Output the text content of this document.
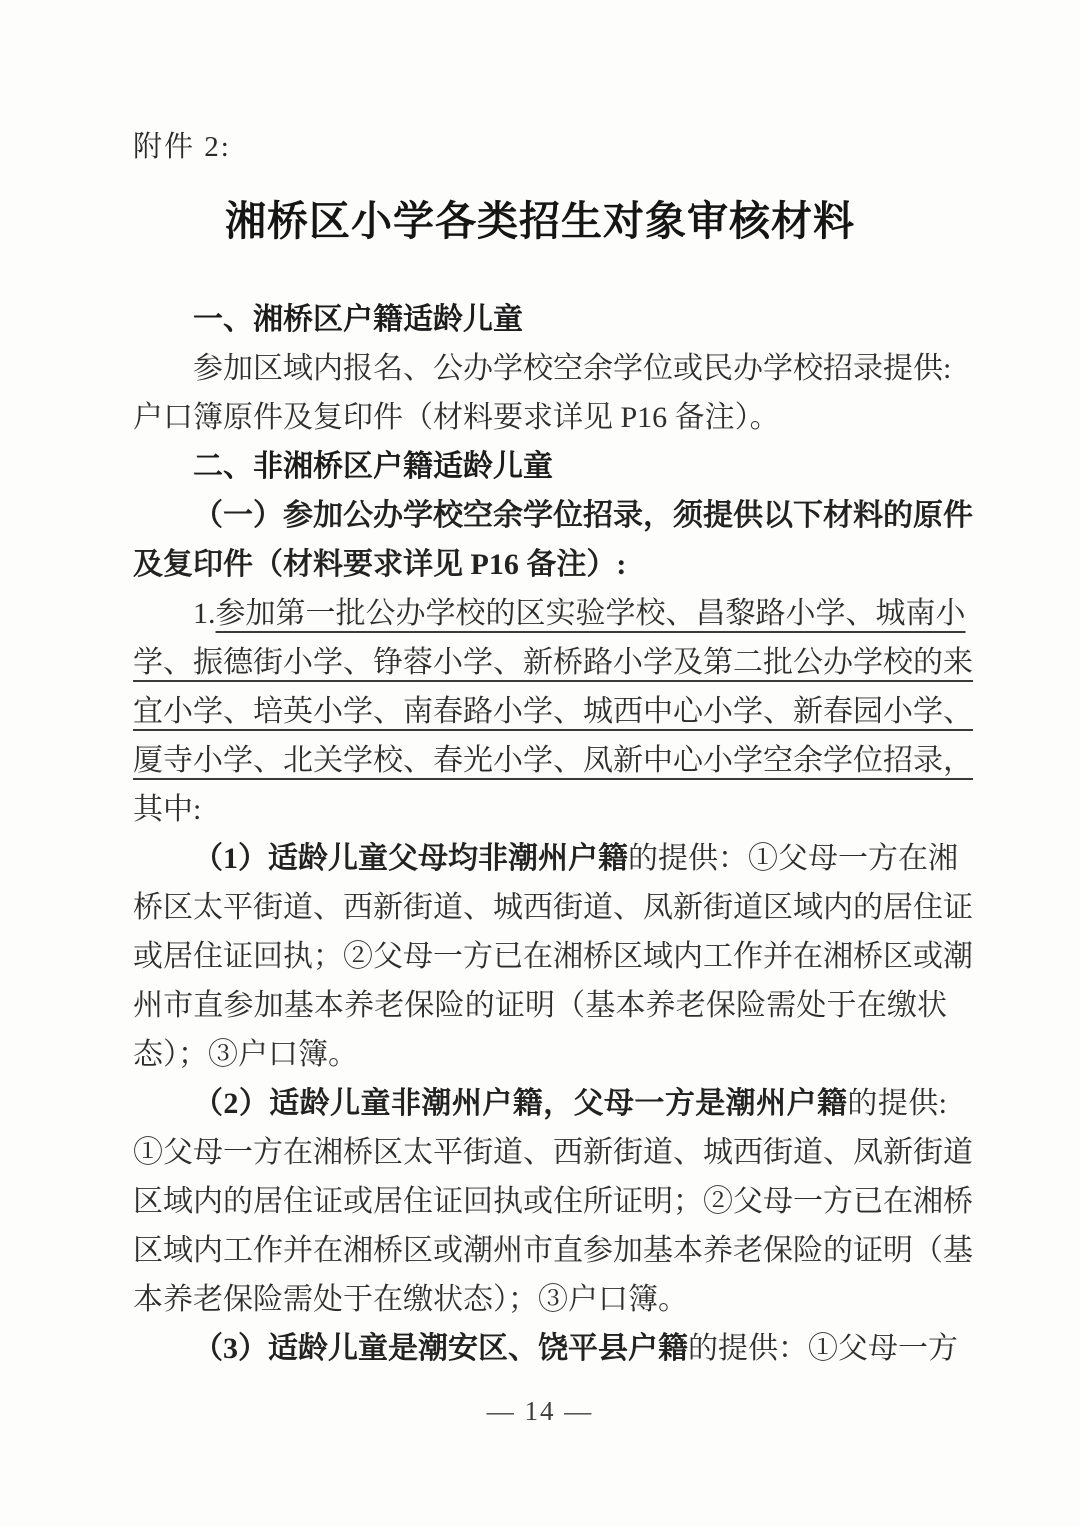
附件 2:
湘桥区小学各类招生对象审核材料
一、湘桥区户籍适龄儿童
参加区域内报名、公办学校空余学位或民办学校招录提供:
户口簿原件及复印件（材料要求详见 P16 备注）。
二、非湘桥区户籍适龄儿童
（一）参加公办学校空余学位招录，须提供以下材料的原件
及复印件（材料要求详见 P16 备注）:
1.参加第一批公办学校的区实验学校、昌黎路小学、城南小
学、振德街小学、铮蓉小学、新桥路小学及第二批公办学校的来
宜小学、培英小学、南春路小学、城西中心小学、新春园小学、
厦寺小学、北关学校、春光小学、凤新中心小学空余学位招录，
其中:
（1）适龄儿童父母均非潮州户籍的提供：①父母一方在湘
桥区太平街道、西新街道、城西街道、凤新街道区域内的居住证
或居住证回执；②父母一方已在湘桥区域内工作并在湘桥区或潮
州市直参加基本养老保险的证明（基本养老保险需处于在缴状
态）；③户口簿。
（2）适龄儿童非潮州户籍，父母一方是潮州户籍的提供:
①父母一方在湘桥区太平街道、西新街道、城西街道、凤新街道
区域内的居住证或居住证回执或住所证明；②父母一方已在湘桥
区域内工作并在湘桥区或潮州市直参加基本养老保险的证明（基
本养老保险需处于在缴状态）；③户口簿。
（3）适龄儿童是潮安区、饶平县户籍的提供：①父母一方
— 14 —
